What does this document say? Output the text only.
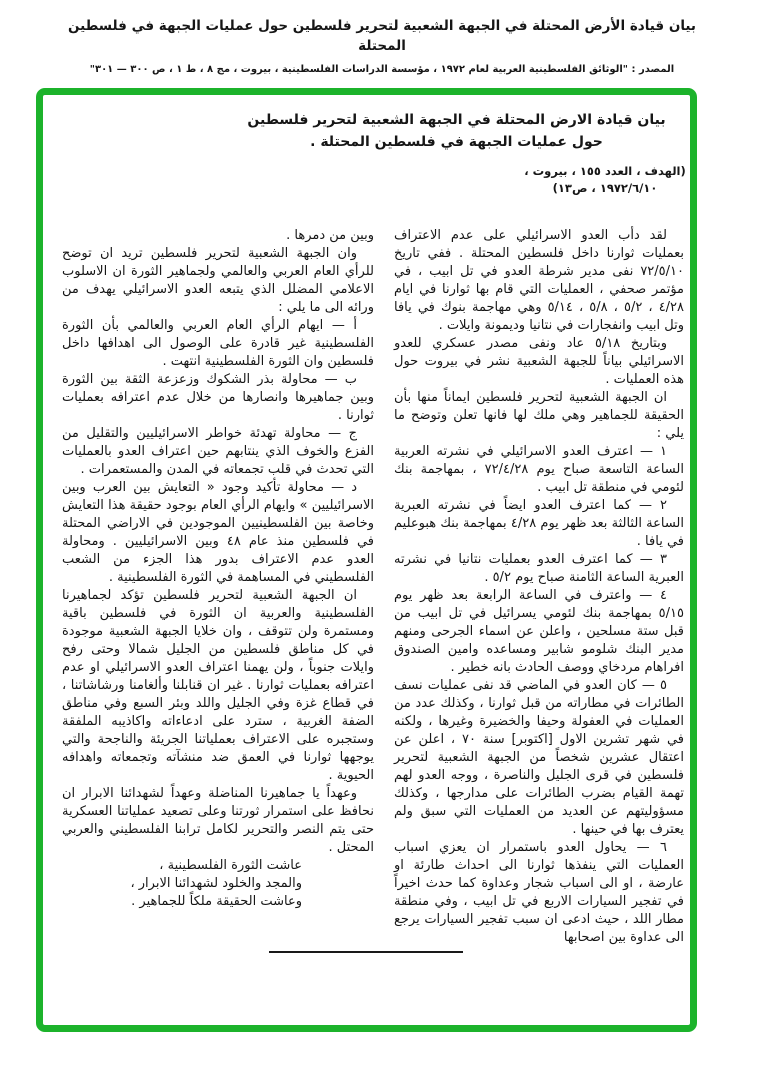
بيان قيادة الأرض المحتلة في الجبهة الشعبية لتحرير فلسطين حول عمليات الجبهة في فلسطين المحتلة
المصدر : "الوثائق الفلسطينية العربية لعام ١٩٧٢ ، مؤسسة الدراسات الفلسطينية ، بيروت ، مج ٨ ، ط ١ ، ص ٣٠٠ — ٣٠١"
بيان قيادة الارض المحتلة في الجبهة الشعبية لتحرير فلسطين
حول عمليات الجبهة في فلسطين المحتلة .
(الهدف ، العدد ١٥٥ ، بيروت ،
١٩٧٢/٦/١٠ ، ص١٣)

لقد دأب العدو الاسرائيلي على عدم الاعتراف بعمليات ثوارنا داخل فلسطين المحتلة . ففي تاريخ ٧٢/٥/١٠ نفى مدير شرطة العدو في تل ابيب ، في مؤتمر صحفي ، العمليات التي قام بها ثوارنا في ايام ٤/٢٨ ، ٥/٢ ، ٥/٨ ، ٥/١٤ وهي مهاجمة بنوك في يافا وتل ابيب وانفجارات في نتانيا وديمونة وايلات .

وبتاريخ ٥/١٨ عاد ونفى مصدر عسكري للعدو الاسرائيلي بياناً للجبهة الشعبية نشر في بيروت حول هذه العمليات .

ان الجبهة الشعبية لتحرير فلسطين ايماناً منها بأن الحقيقة للجماهير وهي ملك لها فانها تعلن وتوضح ما يلي :

١ — اعترف العدو الاسرائيلي في نشرته العربية الساعة التاسعة صباح يوم ٧٢/٤/٢٨ ، بمهاجمة بنك لئومي في منطقة تل ابيب .

٢ — كما اعترف العدو ايضاً في نشرته العبرية الساعة الثالثة بعد ظهر يوم ٤/٢٨ بمهاجمة بنك هبوعليم في يافا .

٣ — كما اعترف العدو بعمليات نتانيا في نشرته العبرية الساعة الثامنة صباح يوم ٥/٢ .

٤ — واعترف في الساعة الرابعة بعد ظهر يوم ٥/١٥ بمهاجمة بنك لئومي يسرائيل في تل ابيب من قبل ستة مسلحين ، واعلن عن اسماء الجرحى ومنهم مدير البنك شلومو شابير ومساعده وامين الصندوق افراهام مردخاي ووصف الحادث بانه خطير .

٥ — كان العدو في الماضي قد نفى عمليات نسف الطائرات في مطاراته من قبل ثوارنا ، وكذلك عدد من العمليات في العفولة وحيفا والخضيرة وغيرها ، ولكنه في شهر تشرين الاول [اكتوبر] سنة ٧٠ ، اعلن عن اعتقال عشرين شخصاً من الجبهة الشعبية لتحرير فلسطين في قرى الجليل والناصرة ، ووجه العدو لهم تهمة القيام بضرب الطائرات على مدارجها ، وكذلك مسؤوليتهم عن العديد من العمليات التي سبق ولم يعترف بها في حينها .

٦ — يحاول العدو باستمرار ان يعزي اسباب العمليات التي ينفذها ثوارنا الى احداث طارئة او عارضة ، او الى اسباب شجار وعداوة كما حدث اخيراً في تفجير السيارات الاربع في تل ابيب ، وفي منطقة مطار اللد ، حيث ادعى ان سبب تفجير السيارات يرجع الى عداوة بين اصحابها

وبين من دمرها .

وان الجبهة الشعبية لتحرير فلسطين تريد ان توضح للرأي العام العربي والعالمي ولجماهير الثورة ان الاسلوب الاعلامي المضلل الذي يتبعه العدو الاسرائيلي يهدف من ورائه الى ما يلي :

أ — ايهام الرأي العام العربي والعالمي بأن الثورة الفلسطينية غير قادرة على الوصول الى اهدافها داخل فلسطين وان الثورة الفلسطينية انتهت .

ب — محاولة بذر الشكوك وزعزعة الثقة بين الثورة وبين جماهيرها وانصارها من خلال عدم اعترافه بعمليات ثوارنا .

ج — محاولة تهدئة خواطر الاسرائيليين والتقليل من الفزع والخوف الذي ينتابهم حين اعتراف العدو بالعمليات التي تحدث في قلب تجمعاته في المدن والمستعمرات .

د — محاولة تأكيد وجود « التعايش بين العرب وبين الاسرائيليين » وايهام الرأي العام بوجود حقيقة هذا التعايش وخاصة بين الفلسطينيين الموجودين في الاراضي المحتلة في فلسطين منذ عام ٤٨ وبين الاسرائيليين . ومحاولة العدو عدم الاعتراف بدور هذا الجزء من الشعب الفلسطيني في المساهمة في الثورة الفلسطينية .

ان الجبهة الشعبية لتحرير فلسطين تؤكد لجماهيرنا الفلسطينية والعربية ان الثورة في فلسطين باقية ومستمرة ولن تتوقف ، وان خلايا الجبهة الشعبية موجودة في كل مناطق فلسطين من الجليل شمالا وحتى رفح وايلات جنوباً ، ولن يهمنا اعتراف العدو الاسرائيلي او عدم اعترافه بعمليات ثوارنا . غير ان قنابلنا وألغامنا ورشاشاتنا ، في قطاع غزة وفي الجليل واللد وبئر السبع وفي مناطق الضفة الغربية ، سترد على ادعاءاته واكاذيبه الملفقة وستجبره على الاعتراف بعملياتنا الجريئة والناجحة والتي يوجهها ثوارنا في العمق ضد منشآته وتجمعاته واهدافه الحيوية .

وعهداً يا جماهيرنا المناضلة وعهداً لشهدائنا الابرار ان نحافظ على استمرار ثورتنا وعلى تصعيد عملياتنا العسكرية حتى يتم النصر والتحرير لكامل ترابنا الفلسطيني والعربي المحتل .

عاشت الثورة الفلسطينية ،

والمجد والخلود لشهدائنا الابرار ،

وعاشت الحقيقة ملكاً للجماهير .
